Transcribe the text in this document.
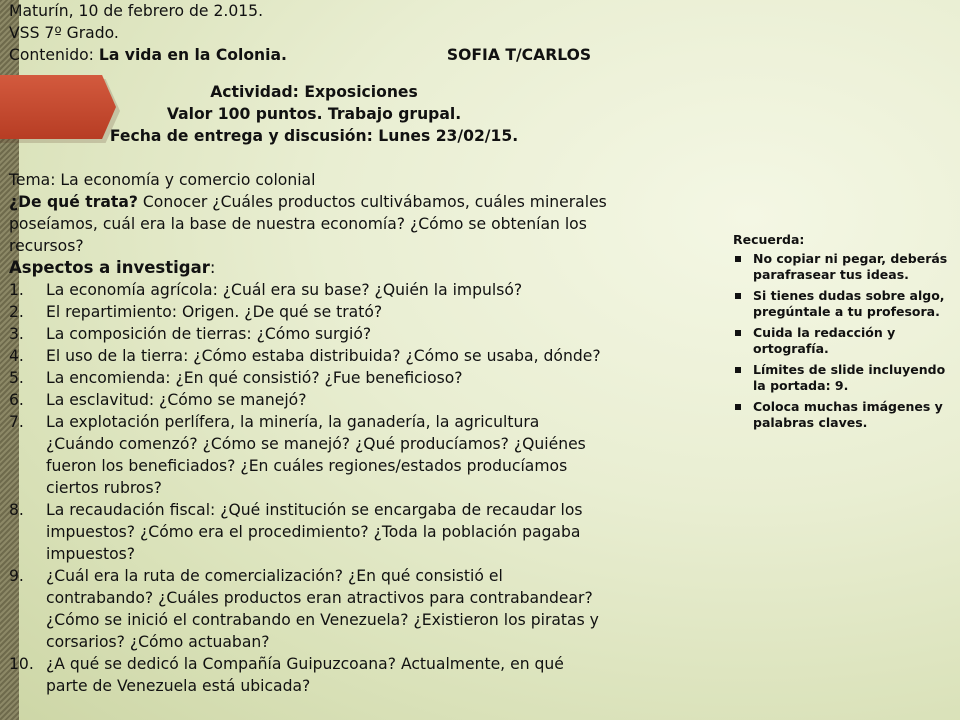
Maturín, 10 de febrero de 2.015.
VSS 7º Grado.
Contenido: La vida en la Colonia.	SOFIA T/CARLOS
Actividad: Exposiciones
Valor 100 puntos. Trabajo grupal.
Fecha de entrega y discusión: Lunes 23/02/15.
Tema: La economía y comercio colonial
¿De qué trata? Conocer ¿Cuáles productos cultivábamos, cuáles minerales
poseíamos, cuál era la base de nuestra economía? ¿Cómo se obtenían los
recursos?
Aspectos a investigar:
1. La economía agrícola: ¿Cuál era su base? ¿Quién la impulsó?
2. El repartimiento: Origen. ¿De qué se trató?
3. La composición de tierras: ¿Cómo surgió?
4. El uso de la tierra: ¿Cómo estaba distribuida? ¿Cómo se usaba, dónde?
5. La encomienda: ¿En qué consistió? ¿Fue beneficioso?
6. La esclavitud: ¿Cómo se manejó?
7. La explotación perlífera, la minería, la ganadería, la agricultura
¿Cuándo comenzó? ¿Cómo se manejó? ¿Qué producíamos? ¿Quiénes
fueron los beneficiados? ¿En cuáles regiones/estados producíamos
ciertos rubros?
8. La recaudación fiscal: ¿Qué institución se encargaba de recaudar los
impuestos? ¿Cómo era el procedimiento? ¿Toda la población pagaba
impuestos?
9. ¿Cuál era la ruta de comercialización? ¿En qué consistió el
contrabando? ¿Cuáles productos eran atractivos para contrabandear?
¿Cómo se inició el contrabando en Venezuela? ¿Existieron los piratas y
corsarios? ¿Cómo actuaban?
10. ¿A qué se dedicó la Compañía Guipuzcoana? Actualmente, en qué
parte de Venezuela está ubicada?
Recuerda:
No copiar ni pegar, deberás parafrasear tus ideas.
Si tienes dudas sobre algo, pregúntale a tu profesora.
Cuida la redacción y ortografía.
Límites de slide incluyendo la portada: 9.
Coloca muchas imágenes y palabras claves.
